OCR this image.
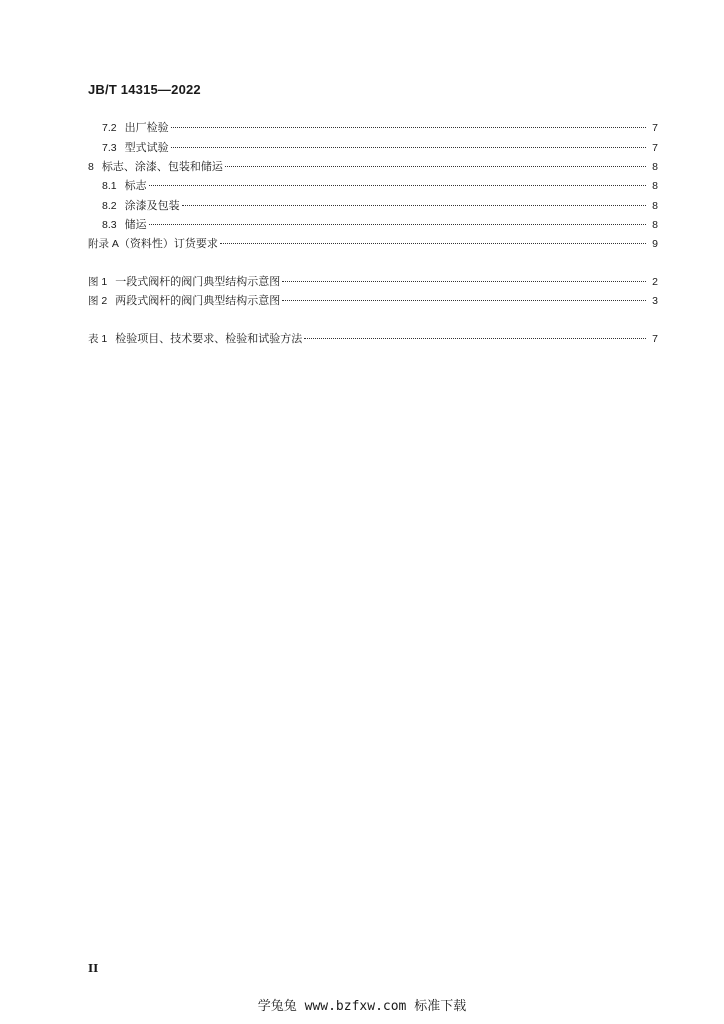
JB/T 14315—2022
7.2 出厂检验	7
7.3 型式试验	7
8 标志、涂漆、包装和储运	8
8.1 标志	8
8.2 涂漆及包装	8
8.3 储运	8
附录 A （资料性）订货要求	9
图 1 一段式阀杆的阀门典型结构示意图	2
图 2 两段式阀杆的阀门典型结构示意图	3
表 1 检验项目、技术要求、检验和试验方法	7
II
学兔兔 www.bzfxw.com 标准下载
